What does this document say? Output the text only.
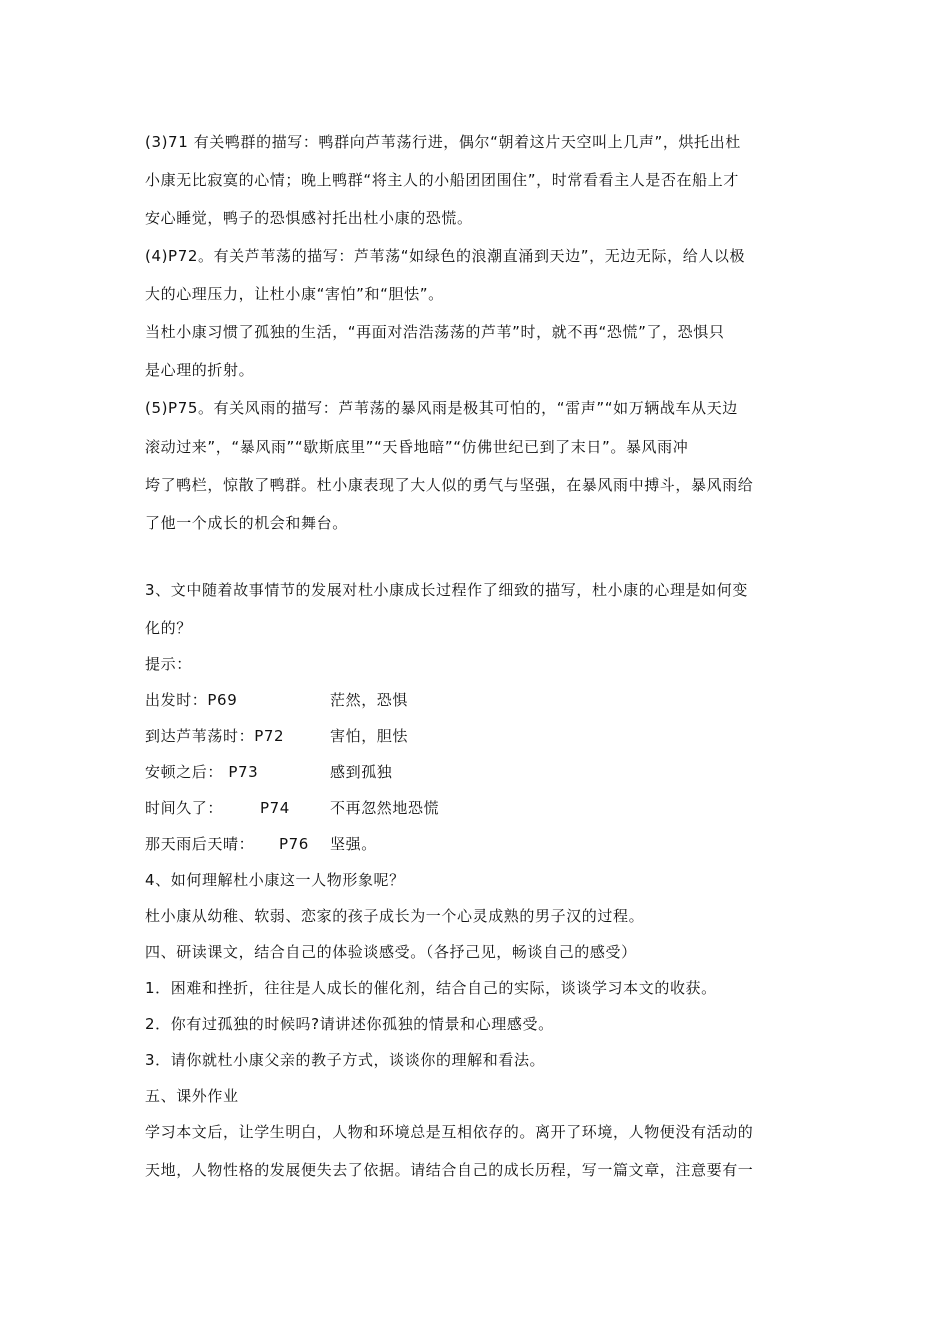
(3)71 有关鸭群的描写：鸭群向芦苇荡行进，偶尔“朝着这片天空叫上几声”，烘托出杜
小康无比寂寞的心情；晚上鸭群“将主人的小船团团围住”，时常看看主人是否在船上才
安心睡觉，鸭子的恐惧感衬托出杜小康的恐慌。
(4)P72。有关芦苇荡的描写：芦苇荡“如绿色的浪潮直涌到天边”，无边无际，给人以极
大的心理压力，让杜小康“害怕”和“胆怯”。
当杜小康习惯了孤独的生活，“再面对浩浩荡荡的芦苇”时，就不再“恐慌”了，恐惧只
是心理的折射。
(5)P75。有关风雨的描写：芦苇荡的暴风雨是极其可怕的，“雷声”“如万辆战车从天边
滚动过来”，“暴风雨”“歇斯底里”“天昏地暗”“仿佛世纪已到了末日”。暴风雨冲
垮了鸭栏，惊散了鸭群。杜小康表现了大人似的勇气与坚强，在暴风雨中搏斗，暴风雨给
了他一个成长的机会和舞台。
3、文中随着故事情节的发展对杜小康成长过程作了细致的描写，杜小康的心理是如何变
化的？
提示：
出发时：P69	茫然，恐惧
到达芦苇荡时：P72	害怕，胆怯
安顿之后： P73	感到孤独
时间久了： P74	不再忽然地恐慌
那天雨后天晴： P76 坚强。
4、如何理解杜小康这一人物形象呢？
杜小康从幼稚、软弱、恋家的孩子成长为一个心灵成熟的男子汉的过程。
四、研读课文，结合自己的体验谈感受。（各抒己见，畅谈自己的感受）
1．困难和挫折，往往是人成长的催化剂，结合自己的实际，谈谈学习本文的收获。
2．你有过孤独的时候吗?请讲述你孤独的情景和心理感受。
3．请你就杜小康父亲的教子方式，谈谈你的理解和看法。
五、课外作业
学习本文后，让学生明白，人物和环境总是互相依存的。离开了环境，人物便没有活动的
天地，人物性格的发展便失去了依据。请结合自己的成长历程，写一篇文章，注意要有一
